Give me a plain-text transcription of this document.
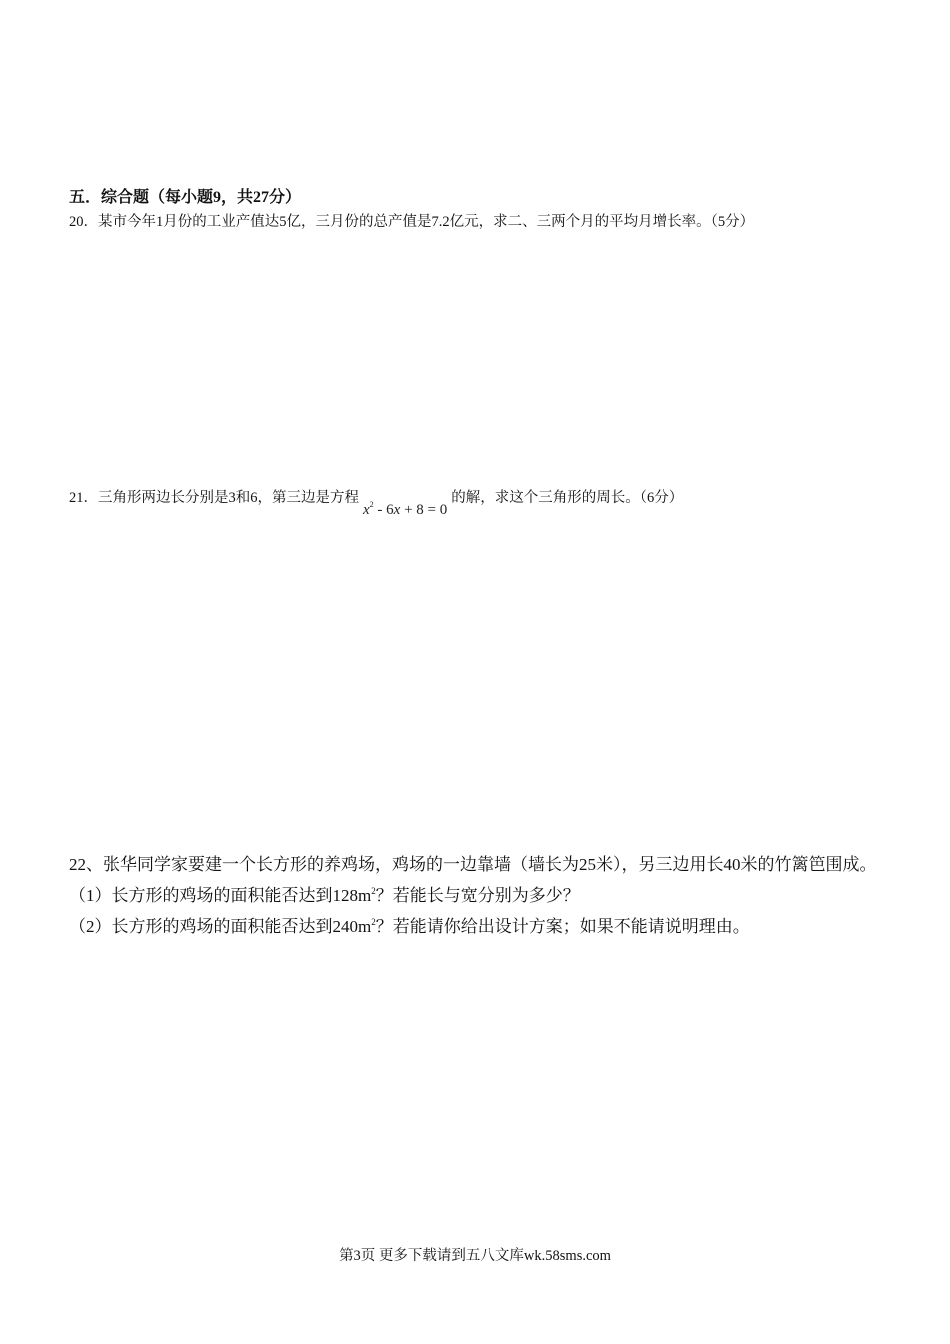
五．综合题（每小题9，共27分）
20．某市今年1月份的工业产值达5亿，三月份的总产值是7.2亿元，求二、三两个月的平均月增长率。（5分）
21．三角形两边长分别是3和6，第三边是方程$x^2 - 6x + 8 = 0$的解，求这个三角形的周长。（6分）
22、张华同学家要建一个长方形的养鸡场，鸡场的一边靠墙（墙长为25米），另三边用长40米的竹篱笆围成。
（1）长方形的鸡场的面积能否达到$128m^2$？若能长与宽分别为多少？
（2）长方形的鸡场的面积能否达到$240m^2$？若能请你给出设计方案；如果不能请说明理由。
第3页 更多下载请到五八文库wk.58sms.com
